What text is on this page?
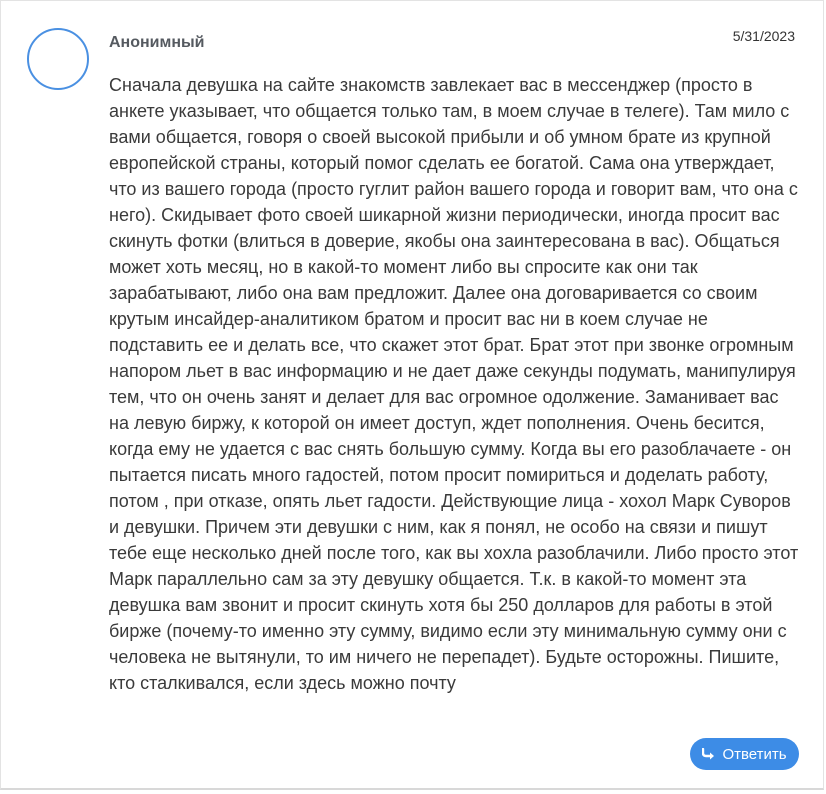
Анонимный	5/31/2023

Сначала девушка на сайте знакомств завлекает вас в мессенджер (просто в анкете указывает, что общается только там, в моем случае в телеге). Там мило с вами общается, говоря о своей высокой прибыли и об умном брате из крупной европейской страны, который помог сделать ее богатой. Сама она утверждает, что из вашего города (просто гуглит район вашего города и говорит вам, что она с него). Скидывает фото своей шикарной жизни периодически, иногда просит вас скинуть фотки (влиться в доверие, якобы она заинтересована в вас). Общаться может хоть месяц, но в какой-то момент либо вы спросите как они так зарабатывают, либо она вам предложит. Далее она договаривается со своим крутым инсайдер-аналитиком братом и просит вас ни в коем случае не подставить ее и делать все, что скажет этот брат. Брат этот при звонке огромным напором льет в вас информацию и не дает даже секунды подумать, манипулируя тем, что он очень занят и делает для вас огромное одолжение. Заманивает вас на левую биржу, к которой он имеет доступ, ждет пополнения. Очень бесится, когда ему не удается с вас снять большую сумму. Когда вы его разоблачаете - он пытается писать много гадостей, потом просит помириться и доделать работу, потом , при отказе, опять льет гадости. Действующие лица - хохол Марк Суворов и девушки. Причем эти девушки с ним, как я понял, не особо на связи и пишут тебе еще несколько дней после того, как вы хохла разоблачили. Либо просто этот Марк параллельно сам за эту девушку общается. Т.к. в какой-то момент эта девушка вам звонит и просит скинуть хотя бы 250 долларов для работы в этой бирже (почему-то именно эту сумму, видимо если эту минимальную сумму они с человека не вытянули, то им ничего не перепадет). Будьте осторожны. Пишите, кто сталкивался, если здесь можно почту

Ответить
